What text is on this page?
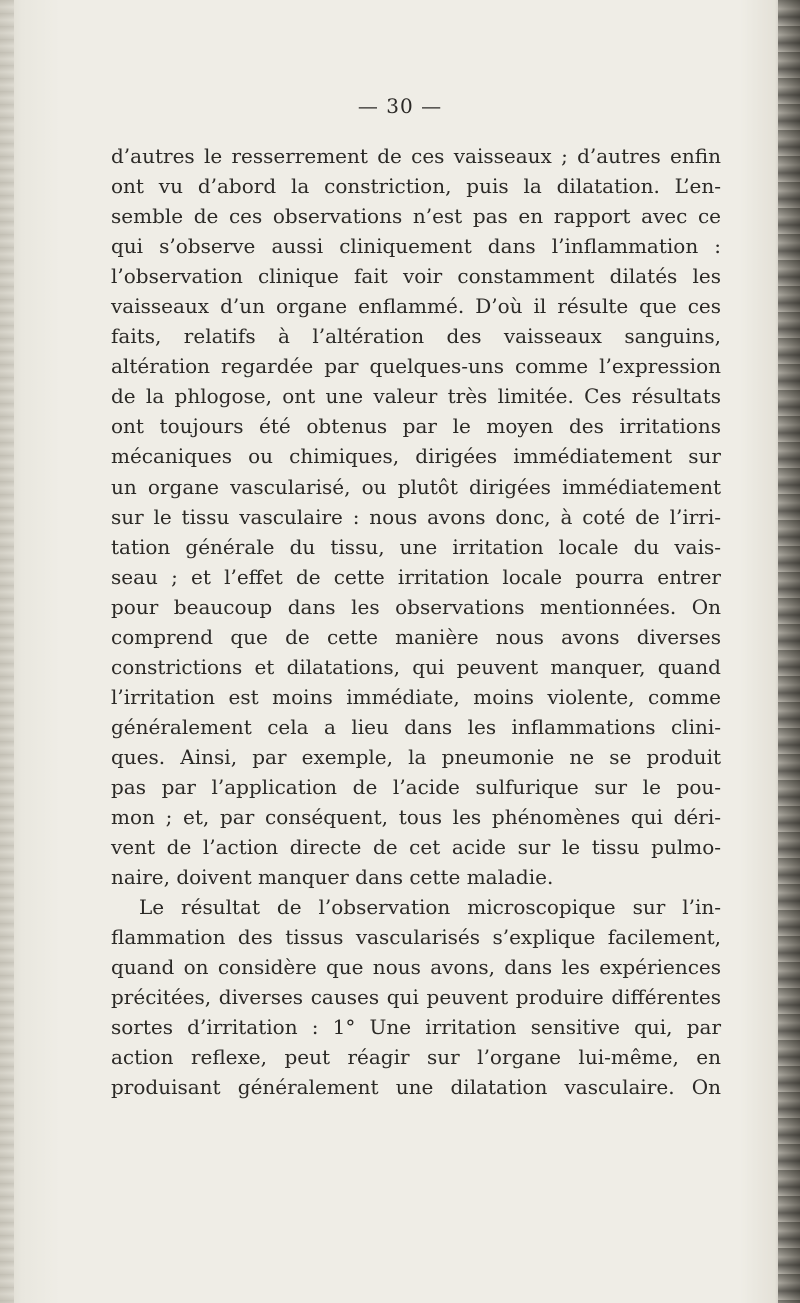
— 30 —
d’autres le resserrement de ces vaisseaux ; d’autres enfin
ont vu d’abord la constriction, puis la dilatation. L’en-
semble de ces observations n’est pas en rapport avec ce
qui s’observe aussi cliniquement dans l’inflammation :
l’observation clinique fait voir constamment dilatés les
vaisseaux d’un organe enflammé. D’où il résulte que ces
faits, relatifs à l’altération des vaisseaux sanguins,
altération regardée par quelques-uns comme l’expression
de la phlogose, ont une valeur très limitée. Ces résultats
ont toujours été obtenus par le moyen des irritations
mécaniques ou chimiques, dirigées immédiatement sur
un organe vascularisé, ou plutôt dirigées immédiatement
sur le tissu vasculaire : nous avons donc, à coté de l’irri-
tation générale du tissu, une irritation locale du vais-
seau ; et l’effet de cette irritation locale pourra entrer
pour beaucoup dans les observations mentionnées. On
comprend que de cette manière nous avons diverses
constrictions et dilatations, qui peuvent manquer, quand
l’irritation est moins immédiate, moins violente, comme
généralement cela a lieu dans les inflammations clini-
ques. Ainsi, par exemple, la pneumonie ne se produit
pas par l’application de l’acide sulfurique sur le pou-
mon ; et, par conséquent, tous les phénomènes qui déri-
vent de l’action directe de cet acide sur le tissu pulmo-
naire, doivent manquer dans cette maladie.
Le résultat de l’observation microscopique sur l’in-
flammation des tissus vascularisés s’explique facilement,
quand on considère que nous avons, dans les expériences
précitées, diverses causes qui peuvent produire différentes
sortes d’irritation : 1° Une irritation sensitive qui, par
action reflexe, peut réagir sur l’organe lui-même, en
produisant généralement une dilatation vasculaire. On
